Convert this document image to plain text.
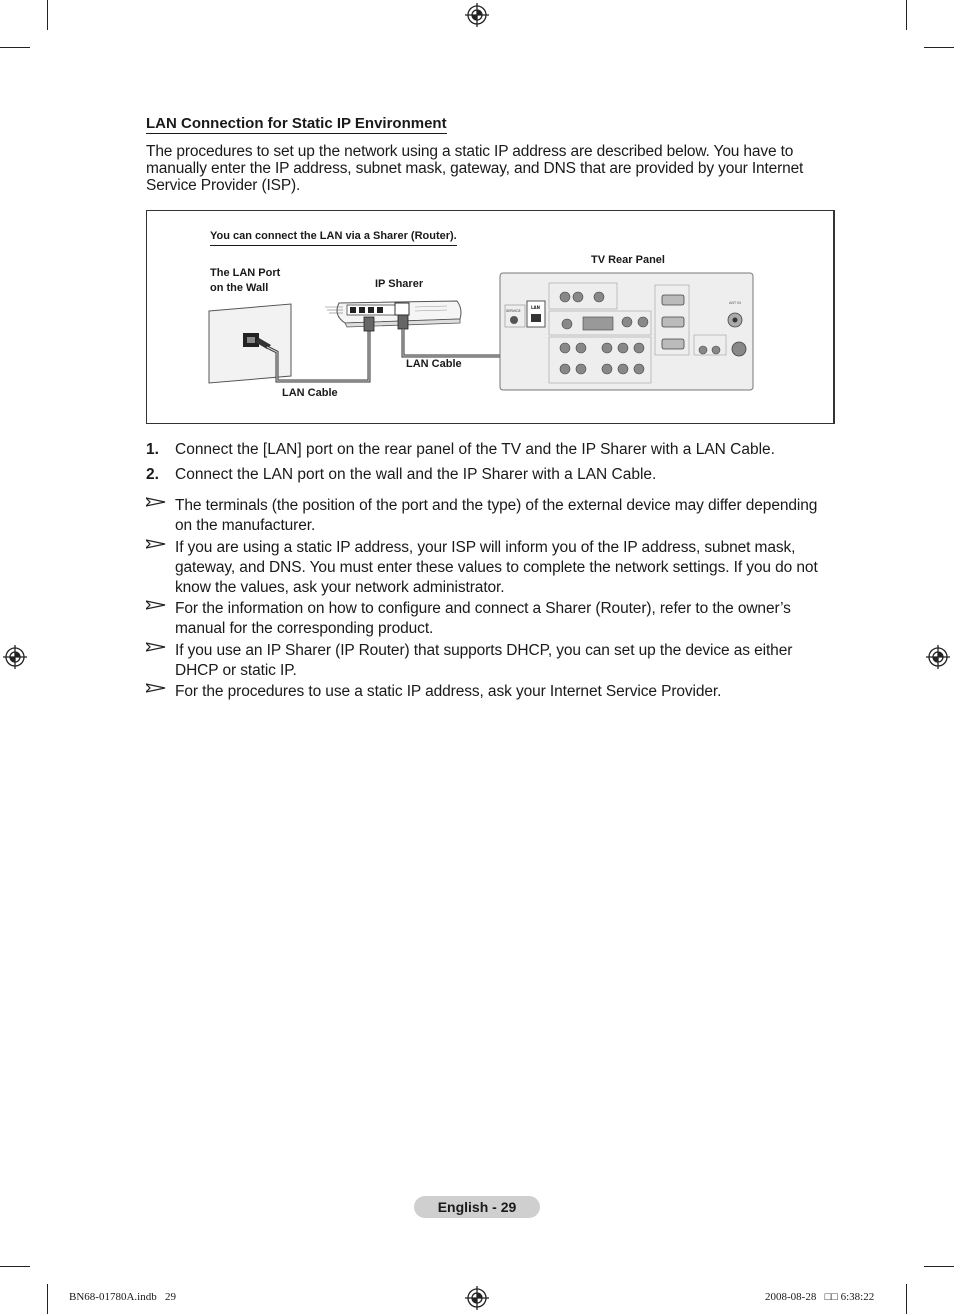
LAN Connection for Static IP Environment
The procedures to set up the network using a static IP address are described below. You have to manually enter the IP address, subnet mask, gateway, and DNS that are provided by your Internet Service Provider (ISP).
You can connect the LAN via a Sharer (Router).
The LAN Port
on the Wall	IP Sharer
TV Rear Panel
LAN Cable
LAN Cable
SERVICE
LAN
ANT IN
1. Connect the [LAN] port on the rear panel of the TV and the IP Sharer with a LAN Cable.
2. Connect the LAN port on the wall and the IP Sharer with a LAN Cable.
The terminals (the position of the port and the type) of the external device may differ depending on the manufacturer.
If you are using a static IP address, your ISP will inform you of the IP address, subnet mask, gateway, and DNS. You must enter these values to complete the network settings. If you do not know the values, ask your network administrator.
For the information on how to configure and connect a Sharer (Router), refer to the owner’s manual for the corresponding product.
If you use an IP Sharer (IP Router) that supports DHCP, you can set up the device as either DHCP or static IP.
For the procedures to use a static IP address, ask your Internet Service Provider.
English - 29
BN68-01780A.indb   29	2008-08-28   □□ 6:38:22
